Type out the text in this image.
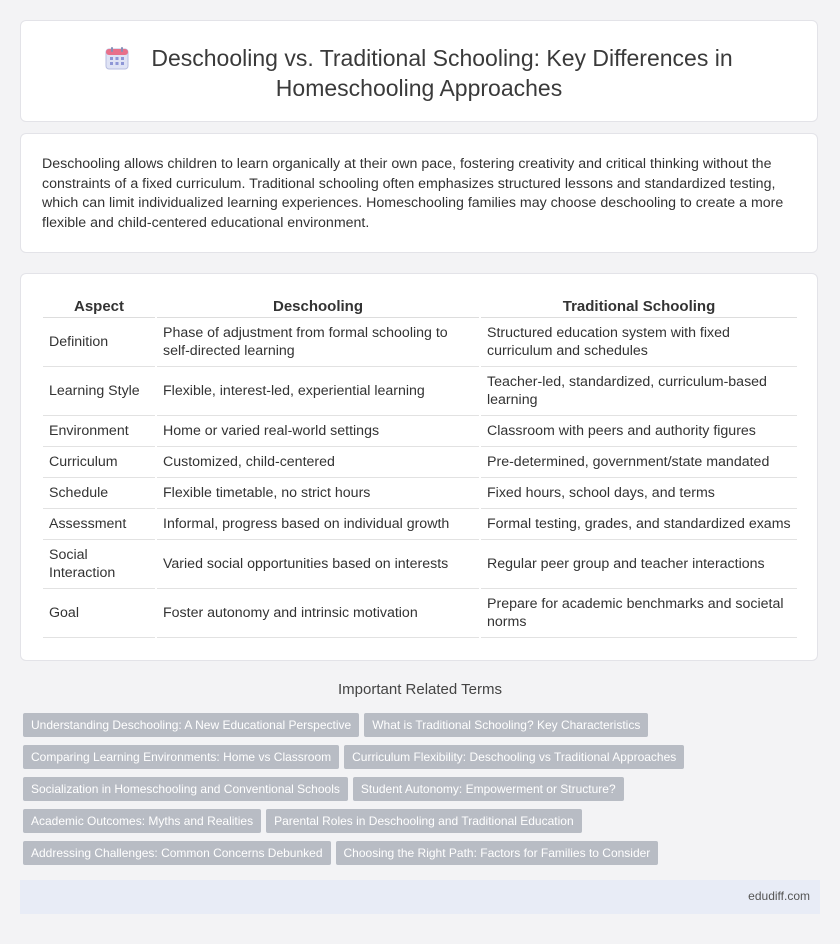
Deschooling vs. Traditional Schooling: Key Differences in Homeschooling Approaches
Deschooling allows children to learn organically at their own pace, fostering creativity and critical thinking without the constraints of a fixed curriculum. Traditional schooling often emphasizes structured lessons and standardized testing, which can limit individualized learning experiences. Homeschooling families may choose deschooling to create a more flexible and child-centered educational environment.
Aspect	Deschooling	Traditional Schooling
Definition	Phase of adjustment from formal schooling to self-directed learning	Structured education system with fixed curriculum and schedules
Learning Style	Flexible, interest-led, experiential learning	Teacher-led, standardized, curriculum-based learning
Environment	Home or varied real-world settings	Classroom with peers and authority figures
Curriculum	Customized, child-centered	Pre-determined, government/state mandated
Schedule	Flexible timetable, no strict hours	Fixed hours, school days, and terms
Assessment	Informal, progress based on individual growth	Formal testing, grades, and standardized exams
Social Interaction	Varied social opportunities based on interests	Regular peer group and teacher interactions
Goal	Foster autonomy and intrinsic motivation	Prepare for academic benchmarks and societal norms
Important Related Terms
Understanding Deschooling: A New Educational Perspective What is Traditional Schooling? Key Characteristics
Comparing Learning Environments: Home vs Classroom Curriculum Flexibility: Deschooling vs Traditional Approaches
Socialization in Homeschooling and Conventional Schools Student Autonomy: Empowerment or Structure?
Academic Outcomes: Myths and Realities Parental Roles in Deschooling and Traditional Education
Addressing Challenges: Common Concerns Debunked Choosing the Right Path: Factors for Families to Consider
edudiff.com
